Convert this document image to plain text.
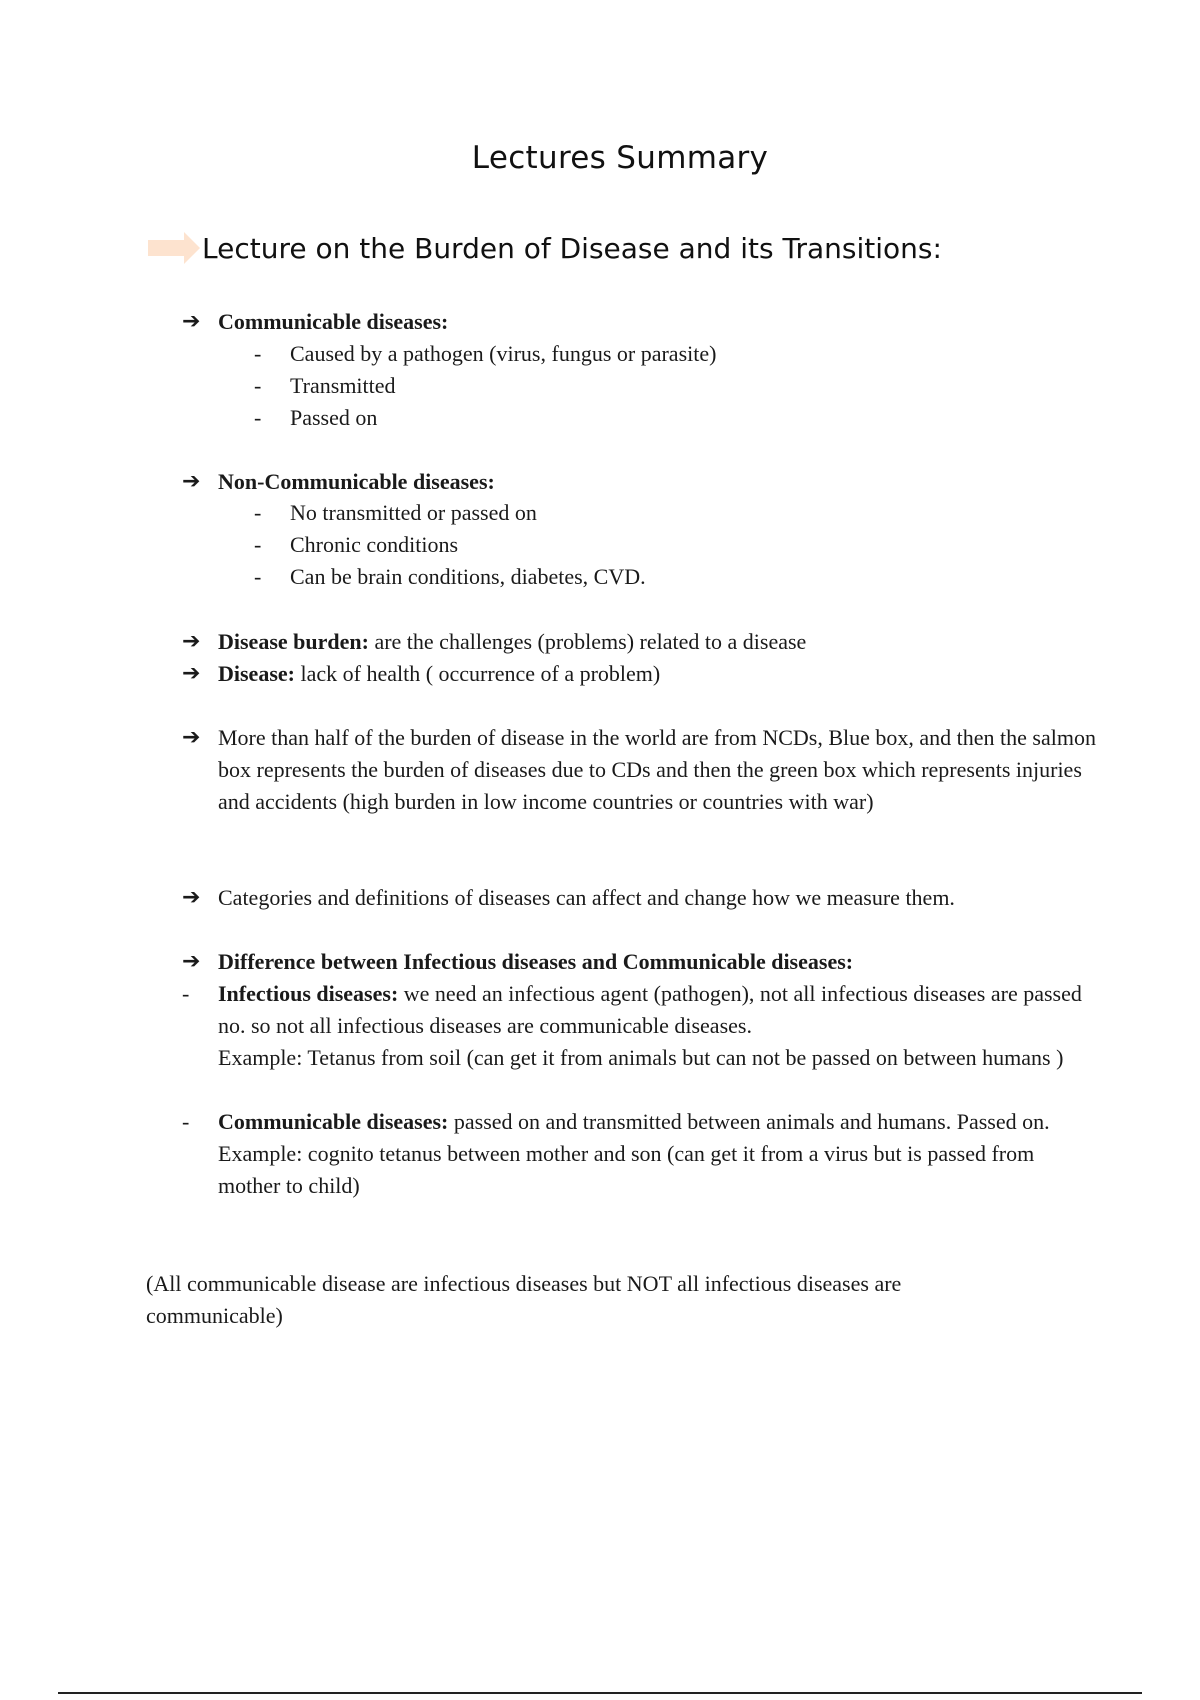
Lectures Summary
Lecture on the Burden of Disease and its Transitions:
➔ Communicable diseases:
- Caused by a pathogen (virus, fungus or parasite)
- Transmitted
- Passed on
➔ Non-Communicable diseases:
- No transmitted or passed on
- Chronic conditions
- Can be brain conditions, diabetes, CVD.
➔ Disease burden: are the challenges (problems) related to a disease
➔ Disease: lack of health ( occurrence of a problem)
➔ More than half of the burden of disease in the world are from NCDs, Blue box, and then the salmon box represents the burden of diseases due to CDs and then the green box which represents injuries and accidents (high burden in low income countries or countries with war)
➔ Categories and definitions of diseases can affect and change how we measure them.
➔ Difference between Infectious diseases and Communicable diseases:
- Infectious diseases: we need an infectious agent (pathogen), not all infectious diseases are passed no. so not all infectious diseases are communicable diseases.
Example: Tetanus from soil (can get it from animals but can not be passed on between humans )
- Communicable diseases: passed on and transmitted between animals and humans. Passed on.
Example: cognito tetanus between mother and son (can get it from a virus but is passed from mother to child)
(All communicable disease are infectious diseases but NOT all infectious diseases are communicable)
